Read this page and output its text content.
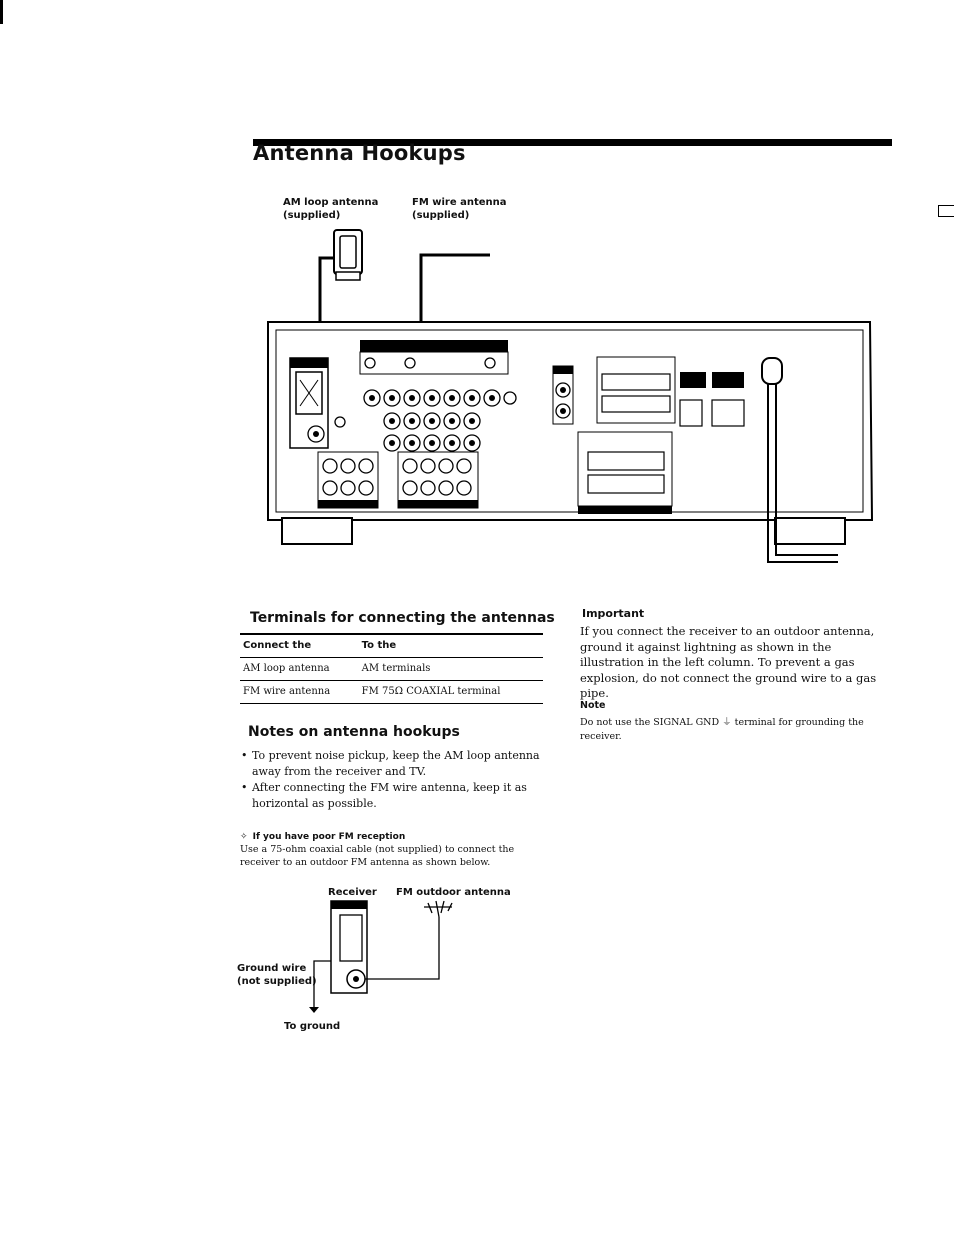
Antenna Hookups
AM loop antenna
(supplied)
FM wire antenna
(supplied)
Terminals for connecting the antennas
Connect the	To the
AM loop antenna	AM terminals
FM wire antenna	FM 75Ω COAXIAL terminal
Notes on antenna hookups
• To prevent noise pickup, keep the AM loop antenna away from the receiver and TV.
• After connecting the FM wire antenna, keep it as horizontal as possible.
✧ If you have poor FM reception
Use a 75-ohm coaxial cable (not supplied) to connect the receiver to an outdoor FM antenna as shown below.
Receiver FM outdoor antenna
Ground wire
(not supplied)
To ground
Important
If you connect the receiver to an outdoor antenna, ground it against lightning as shown in the illustration in the left column. To prevent a gas explosion, do not connect the ground wire to a gas pipe.
Note
Do not use the SIGNAL GND ⏚ terminal for grounding the receiver.
